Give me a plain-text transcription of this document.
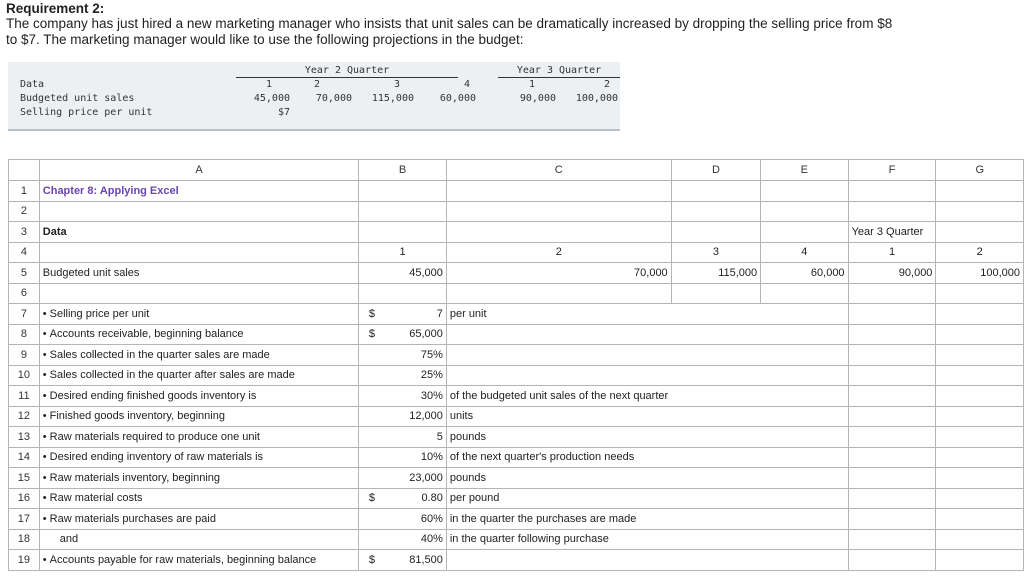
Requirement 2:
The company has just hired a new marketing manager who insists that unit sales can be dramatically increased by dropping the selling price from $8 to $7. The marketing manager would like to use the following projections in the budget:
Year 2 Quarter	Year 3 Quarter
Data	1	2	3	4	1	2
Budgeted unit sales	45,000	70,000	115,000	60,000	90,000	100,000
Selling price per unit	$7
	A	B		C	D	E	F	G
1	Chapter 8: Applying Excel							
2								
3	Data						Year 3 Quarter	
4		1		2	3	4	1	2
5	Budgeted unit sales	45,000		70,000	115,000	60,000	90,000	100,000
6								
7	• Selling price per unit	$	7	per unit				
8	• Accounts receivable, beginning balance	$	65,000					
9	• Sales collected in the quarter sales are made		75%					
10	• Sales collected in the quarter after sales are made		25%					
11	• Desired ending finished goods inventory is		30%	of the budgeted unit sales of the next quarter				
12	• Finished goods inventory, beginning		12,000	units				
13	• Raw materials required to produce one unit		5	pounds				
14	• Desired ending inventory of raw materials is		10%	of the next quarter's production needs				
15	• Raw materials inventory, beginning		23,000	pounds				
16	• Raw material costs	$	0.80	per pound				
17	• Raw materials purchases are paid		60%	in the quarter the purchases are made				
18	and		40%	in the quarter following purchase				
19	• Accounts payable for raw materials, beginning balance	$	81,500					
